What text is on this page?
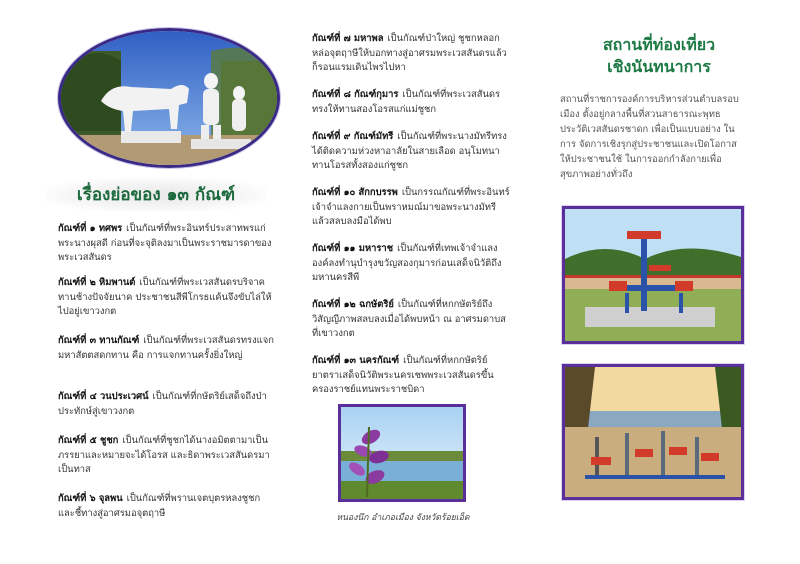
เรื่องย่อของ ๑๓ กัณฑ์
กัณฑ์ที่ ๑ ทศพร เป็นกัณฑ์ที่พระอินทร์ประสาทพรแก่พระนางผุสดี ก่อนที่จะจุติลงมาเป็นพระราชมารดาของพระเวสสันดร
กัณฑ์ที่ ๒ หิมพานต์ เป็นกัณฑ์ที่พระเวสสันดรบริจาคทานช้างปัจจัยนาค ประชาชนสีพีโกรธแค้นจึงขับไล่ให้ไปอยู่เขาวงกต
กัณฑ์ที่ ๓ ทานกัณฑ์ เป็นกัณฑ์ที่พระเวสสันดรทรงแจกมหาสัตตสดกทาน คือ การแจกทานครั้งยิ่งใหญ่
กัณฑ์ที่ ๔ วนประเวศน์ เป็นกัณฑ์ที่กษัตริย์เสด็จถึงป่าประทักษ์สู่เขาวงกต
กัณฑ์ที่ ๕ ชูชก เป็นกัณฑ์ที่ชูชกได้นางอมิตตามาเป็นภรรยาและหมายจะได้โอรส และธิดาพระเวสสันดรมาเป็นทาส
กัณฑ์ที่ ๖ จุลพน เป็นกัณฑ์ที่พรานเจตบุตรหลงชูชก และชี้ทางสู่อาศรมอจุตฤาษี
กัณฑ์ที่ ๗ มหาพล เป็นกัณฑ์ป่าใหญ่ ชูชกหลอกหล่อจุตฤาษีให้บอกทางสู่อาศรมพระเวสสันดรแล้วก็รอนแรมเดินไพรไปหา
กัณฑ์ที่ ๘ กัณฑ์กุมาร เป็นกัณฑ์ที่พระเวสสันดรทรงให้ทานสองโอรสแก่แม่ชูชก
กัณฑ์ที่ ๙ กัณฑ์มัทรี เป็นกัณฑ์ที่พระนางมัทรีทรงได้ติดความห่วงหาอาลัยในสายเลือด อนุโมทนาทานโอรสทั้งสองแก่ชูชก
กัณฑ์ที่ ๑๐ สักกบรรพ เป็นกรรณกัณฑ์ที่พระอินทร์เจ้าจำแลงกายเป็นพราหมณ์มาขอพระนางมัทรี แล้วสลบลงมือได้พบ
กัณฑ์ที่ ๑๑ มหาราช เป็นกัณฑ์ที่เทพเจ้าจำแลงองค์ลงทำนุบำรุงขวัญสองกุมารก่อนเสด็จนิวัติถึงมหานครสีพี
กัณฑ์ที่ ๑๒ ฉกษัตริย์ เป็นกัณฑ์ที่หกกษัตริย์ถึงวิสัญญีภาพสลบลงเมื่อได้พบหน้า ณ อาศรมดาบสที่เขาวงกต
กัณฑ์ที่ ๑๓ นครกัณฑ์ เป็นกัณฑ์ที่หกกษัตริย์ยาตราเสด็จนิวัติพระนครเชพพระเวสสันดรขึ้นครองราชย์แทนพระราชบิดา
หนองนึก อำเภอเมือง จังหวัดร้อยเอ็ด
สถานที่ท่องเที่ยว
เชิงนันทนาการ
สถานที่ราชการองค์การบริหารส่วนตำบลรอบเมือง ตั้งอยู่กลางพื้นที่สวนสาธารณะพุทธประวัติเวสสันดรชาดก เพื่อเป็นแบบอย่าง ในการ จัดการเชิงรุกสู่ประชาชนและเปิดโอกาสให้ประชาชนใช้ ในการออกกำลังกายเพื่อสุขภาพอย่างทั่วถึง
